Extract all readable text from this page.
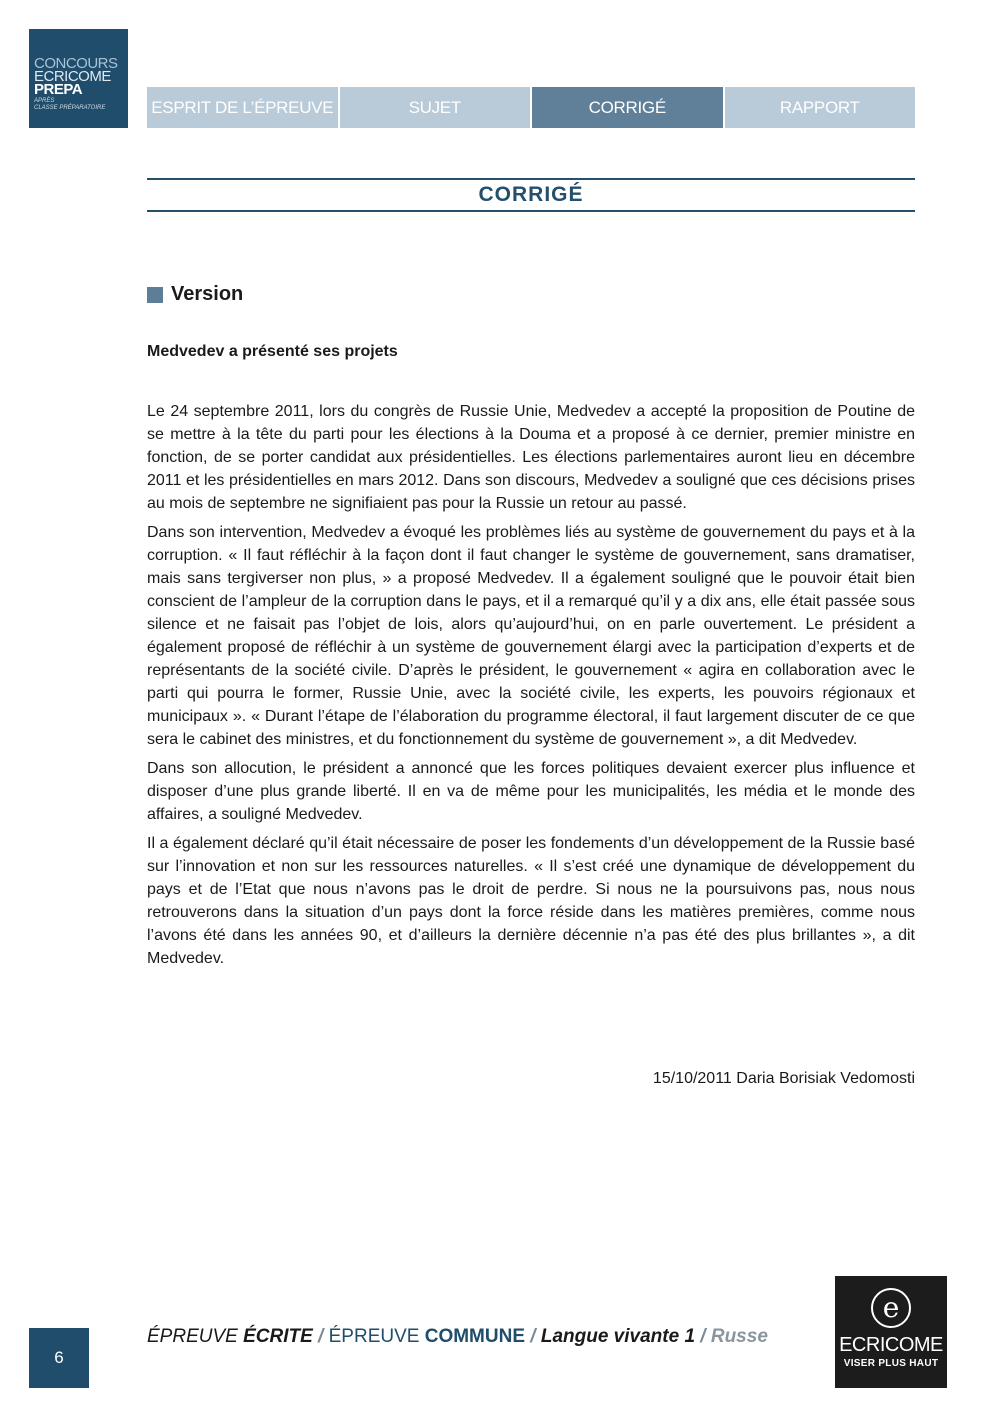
CONCOURS
ECRICOME
PREPA
APRÈS
CLASSE PRÉPARATOIRE	ESPRIT DE L’ÉPREUVE	SUJET	CORRIGÉ	RAPPORT
CORRIGÉ
Version
Medvedev a présenté ses projets

Le 24 septembre 2011, lors du congrès de Russie Unie, Medvedev a accepté la proposition de Poutine de se mettre à la tête du parti pour les élections à la Douma et a proposé à ce dernier, premier ministre en fonction, de se porter candidat aux présidentielles. Les élections parlementaires auront lieu en décembre 2011 et les présidentielles en mars 2012. Dans son discours, Medvedev a souligné que ces décisions prises au mois de septembre ne signifiaient pas pour la Russie un retour au passé.

Dans son intervention, Medvedev a évoqué les problèmes liés au système de gouvernement du pays et à la corruption. « Il faut réfléchir à la façon dont il faut changer le système de gouvernement, sans dramatiser, mais sans tergiverser non plus, » a proposé Medvedev. Il a également souligné que le pouvoir était bien conscient de l’ampleur de la corruption dans le pays, et il a remarqué qu’il y a dix ans, elle était passée sous silence et ne faisait pas l’objet de lois, alors qu’aujourd’hui, on en parle ouvertement. Le président a également proposé de réfléchir à un système de gouvernement élargi avec la participation d’experts et de représentants de la société civile. D’après le président, le gouvernement « agira en collaboration avec le parti qui pourra le former, Russie Unie, avec la société civile, les experts, les pouvoirs régionaux et municipaux ». « Durant l’étape de l’élaboration du programme électoral, il faut largement discuter de ce que sera le cabinet des ministres, et du fonctionnement du système de gouvernement », a dit Medvedev.

Dans son allocution, le président a annoncé que les forces politiques devaient exercer plus influence et disposer d’une plus grande liberté. Il en va de même pour les municipalités, les média et le monde des affaires, a souligné Medvedev.

Il a également déclaré qu’il était nécessaire de poser les fondements d’un développement de la Russie basé sur l’innovation et non sur les ressources naturelles. « Il s’est créé une dynamique de développement du pays et de l’Etat que nous n’avons pas le droit de perdre. Si nous ne la poursuivons pas, nous nous retrouverons dans la situation d’un pays dont la force réside dans les matières premières, comme nous l’avons été dans les années 90, et d’ailleurs la dernière décennie n’a pas été des plus brillantes », a dit Medvedev.

15/10/2011 Daria Borisiak Vedomosti
6
ÉPREUVE ÉCRITE / ÉPREUVE COMMUNE / Langue vivante 1 / Russe
e
ECRICOME
VISER PLUS HAUT
